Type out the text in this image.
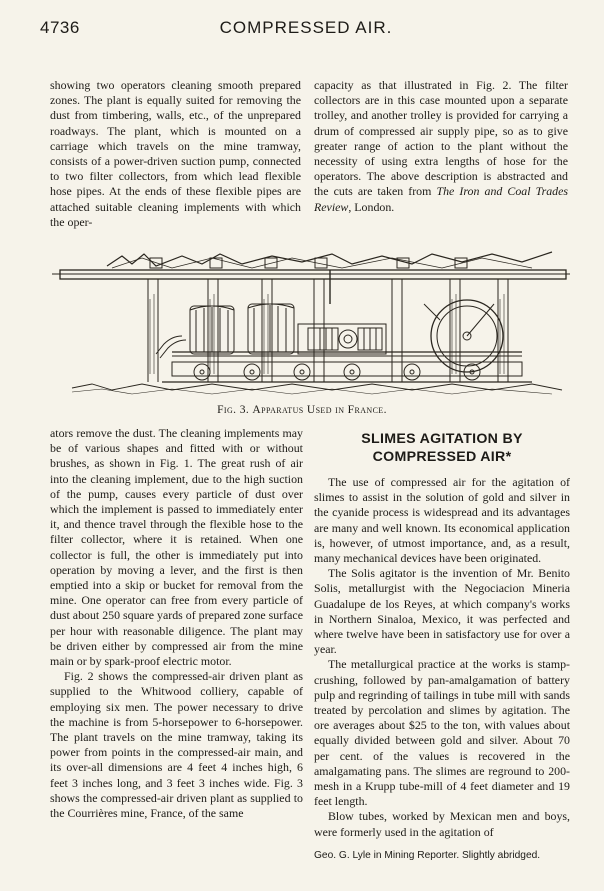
4736	COMPRESSED AIR.

showing two operators cleaning smooth prepared zones. The plant is equally suited for removing the dust from timbering, walls, etc., of the unprepared roadways. The plant, which is mounted on a carriage which travels on the mine tramway, consists of a power-driven suction pump, connected to two filter collectors, from which lead flexible hose pipes. At the ends of these flexible pipes are attached suitable cleaning implements with which the oper-

capacity as that illustrated in Fig. 2. The filter collectors are in this case mounted upon a separate trolley, and another trolley is provided for carrying a drum of compressed air supply pipe, so as to give greater range of action to the plant without the necessity of using extra lengths of hose for the operators. The above description is abstracted and the cuts are taken from The Iron and Coal Trades Review, London.

Fig. 3. Apparatus Used in France.

ators remove the dust. The cleaning implements may be of various shapes and fitted with or without brushes, as shown in Fig. 1. The great rush of air into the cleaning implement, due to the high suction of the pump, causes every particle of dust over which the implement is passed to immediately enter it, and thence travel through the flexible hose to the filter collector, where it is retained. When one collector is full, the other is immediately put into operation by moving a lever, and the first is then emptied into a skip or bucket for removal from the mine. One operator can free from every particle of dust about 250 square yards of prepared zone surface per hour with reasonable diligence. The plant may be driven either by compressed air from the mine main or by spark-proof electric motor.

Fig. 2 shows the compressed-air driven plant as supplied to the Whitwood colliery, capable of employing six men. The power necessary to drive the machine is from 5-horsepower to 6-horsepower. The plant travels on the mine tramway, taking its power from points in the compressed-air main, and its over-all dimensions are 4 feet 4 inches high, 6 feet 3 inches long, and 3 feet 3 inches wide. Fig. 3 shows the compressed-air driven plant as supplied to the Courrières mine, France, of the same

SLIMES AGITATION BY COMPRESSED AIR*

The use of compressed air for the agitation of slimes to assist in the solution of gold and silver in the cyanide process is widespread and its advantages are many and well known. Its economical application is, however, of utmost importance, and, as a result, many mechanical devices have been originated.

The Solis agitator is the invention of Mr. Benito Solis, metallurgist with the Negociacion Mineria Guadalupe de los Reyes, at which company's works in Northern Sinaloa, Mexico, it was perfected and where twelve have been in satisfactory use for over a year.

The metallurgical practice at the works is stamp-crushing, followed by pan-amalgamation of battery pulp and regrinding of tailings in tube mill with sands treated by percolation and slimes by agitation. The ore averages about $25 to the ton, with values about equally divided between gold and silver. About 70 per cent. of the values is recovered in the amalgamating pans. The slimes are reground to 200-mesh in a Krupp tube-mill of 4 feet diameter and 19 feet length.

Blow tubes, worked by Mexican men and boys, were formerly used in the agitation of

Geo. G. Lyle in Mining Reporter. Slightly abridged.
